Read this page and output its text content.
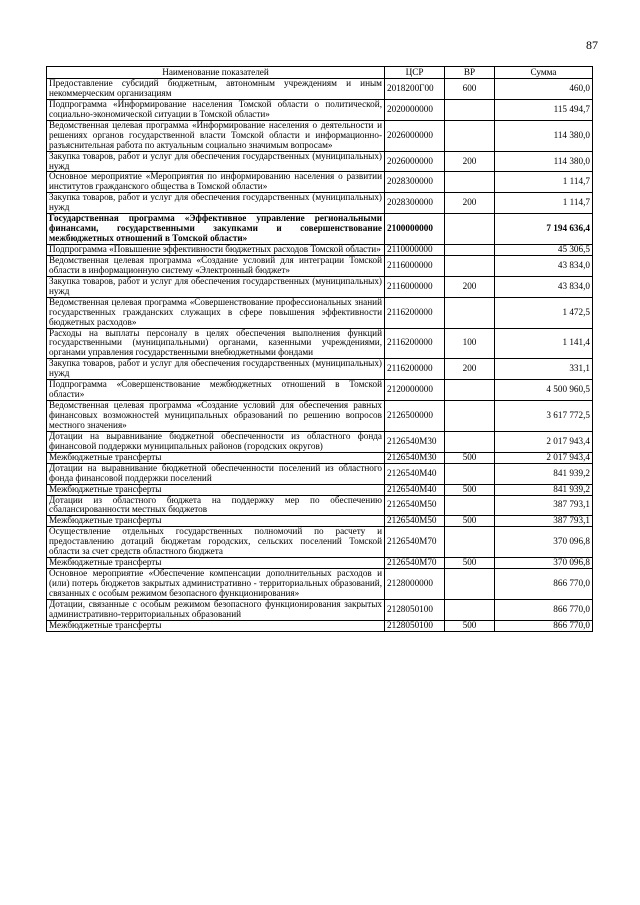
87
Наименование показателей	ЦСР	ВР	Сумма
Предоставление субсидий бюджетным, автономным учреждениям и иным некоммерческим организациям	2018200Г00	600	460,0
Подпрограмма «Информирование населения Томской области о политической, социально-экономической ситуации в Томской области»	2020000000		115 494,7
Ведомственная целевая программа «Информирование населения о деятельности и решениях органов государственной власти Томской области и информационно-разъяснительная работа по актуальным социально значимым вопросам»	2026000000		114 380,0
Закупка товаров, работ и услуг для обеспечения государственных (муниципальных) нужд	2026000000	200	114 380,0
Основное мероприятие «Мероприятия по информированию населения о развитии институтов гражданского общества в Томской области»	2028300000		1 114,7
Закупка товаров, работ и услуг для обеспечения государственных (муниципальных) нужд	2028300000	200	1 114,7
Государственная программа «Эффективное управление региональными финансами, государственными закупками и совершенствование межбюджетных отношений в Томской области»	2100000000		7 194 636,4
Подпрограмма «Повышение эффективности бюджетных расходов Томской области»	2110000000		45 306,5
Ведомственная целевая программа «Создание условий для интеграции Томской области в информационную систему «Электронный бюджет»	2116000000		43 834,0
Закупка товаров, работ и услуг для обеспечения государственных (муниципальных) нужд	2116000000	200	43 834,0
Ведомственная целевая программа «Совершенствование профессиональных знаний государственных гражданских служащих в сфере повышения эффективности бюджетных расходов»	2116200000		1 472,5
Расходы на выплаты персоналу в целях обеспечения выполнения функций государственными (муниципальными) органами, казенными учреждениями, органами управления государственными внебюджетными фондами	2116200000	100	1 141,4
Закупка товаров, работ и услуг для обеспечения государственных (муниципальных) нужд	2116200000	200	331,1
Подпрограмма «Совершенствование межбюджетных отношений в Томской области»	2120000000		4 500 960,5
Ведомственная целевая программа «Создание условий для обеспечения равных финансовых возможностей муниципальных образований по решению вопросов местного значения»	2126500000		3 617 772,5
Дотации на выравнивание бюджетной обеспеченности из областного фонда финансовой поддержки муниципальных районов (городских округов)	2126540М30		2 017 943,4
Межбюджетные трансферты	2126540М30	500	2 017 943,4
Дотации на выравнивание бюджетной обеспеченности поселений из областного фонда финансовой поддержки поселений	2126540М40		841 939,2
Межбюджетные трансферты	2126540М40	500	841 939,2
Дотации из областного бюджета на поддержку мер по обеспечению сбалансированности местных бюджетов	2126540М50		387 793,1
Межбюджетные трансферты	2126540М50	500	387 793,1
Осуществление отдельных государственных полномочий по расчету и предоставлению дотаций бюджетам городских, сельских поселений Томской области за счет средств областного бюджета	2126540М70		370 096,8
Межбюджетные трансферты	2126540М70	500	370 096,8
Основное мероприятие «Обеспечение компенсации дополнительных расходов и (или) потерь бюджетов закрытых административно - территориальных образований, связанных с особым режимом безопасного функционирования»	2128000000		866 770,0
Дотации, связанные с особым режимом безопасного функционирования закрытых административно-территориальных образований	2128050100		866 770,0
Межбюджетные трансферты	2128050100	500	866 770,0
